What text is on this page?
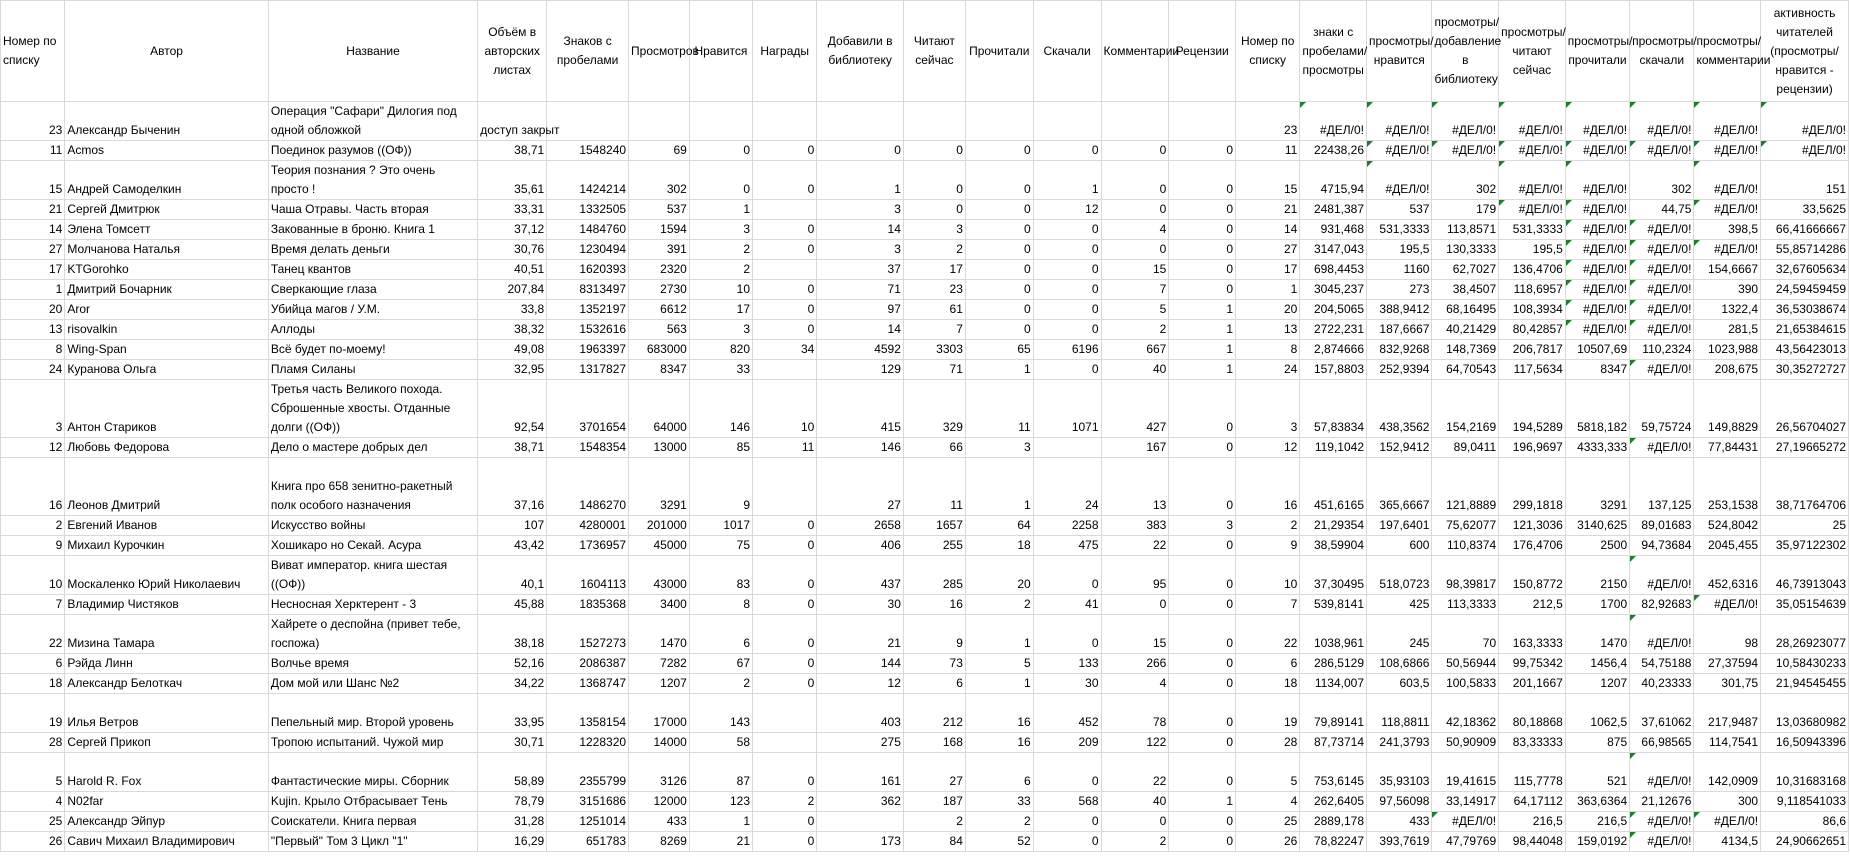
Номер по списку	Автор	Название	Объём в авторских листах	Знаков с пробелами	Просмотров	Нравится	Награды	Добавили в библиотеку	Читают сейчас	Прочитали	Скачали	Комментарии	Рецензии	Номер по списку	знаки с пробелами/просмотры	просмотры/нравится	просмотры/добавление в библиотеку	просмотры/читают сейчас	просмотры/прочитали	просмотры/скачали	просмотры/комментарии	активность читателей (просмотры/нравится - рецензии)
23	Александр Быченин	Операция "Сафари" Дилогия под одной обложкой	доступ закрыт											23	#ДЕЛ/0!	#ДЕЛ/0!	#ДЕЛ/0!	#ДЕЛ/0!	#ДЕЛ/0!	#ДЕЛ/0!	#ДЕЛ/0!	#ДЕЛ/0!
11	Acmos	Поединок разумов ((ОФ))	38,71	1548240	69	0	0	0	0	0	0	0	0	11	22438,26	#ДЕЛ/0!	#ДЕЛ/0!	#ДЕЛ/0!	#ДЕЛ/0!	#ДЕЛ/0!	#ДЕЛ/0!	#ДЕЛ/0!
15	Андрей Самоделкин	Теория познания ? Это очень просто !	35,61	1424214	302	0	0	1	0	0	1	0	0	15	4715,94	#ДЕЛ/0!	302	#ДЕЛ/0!	#ДЕЛ/0!	302	#ДЕЛ/0!	151
21	Сергей Дмитрюк	Чаша Отравы. Часть вторая	33,31	1332505	537	1		3	0	0	12	0	0	21	2481,387	537	179	#ДЕЛ/0!	#ДЕЛ/0!	44,75	#ДЕЛ/0!	33,5625
14	Элена Томсетт	Закованные в броню. Книга 1	37,12	1484760	1594	3	0	14	3	0	0	4	0	14	931,468	531,3333	113,8571	531,3333	#ДЕЛ/0!	#ДЕЛ/0!	398,5	66,41666667
27	Молчанова Наталья	Время делать деньги	30,76	1230494	391	2	0	3	2	0	0	0	0	27	3147,043	195,5	130,3333	195,5	#ДЕЛ/0!	#ДЕЛ/0!	#ДЕЛ/0!	55,85714286
17	KTGorohko	Танец квантов	40,51	1620393	2320	2		37	17	0	0	15	0	17	698,4453	1160	62,7027	136,4706	#ДЕЛ/0!	#ДЕЛ/0!	154,6667	32,67605634
1	Дмитрий Бочарник	Сверкающие глаза	207,84	8313497	2730	10	0	71	23	0	0	7	0	1	3045,237	273	38,4507	118,6957	#ДЕЛ/0!	#ДЕЛ/0!	390	24,59459459
20	Aror	Убийца магов / У.М.	33,8	1352197	6612	17	0	97	61	0	0	5	1	20	204,5065	388,9412	68,16495	108,3934	#ДЕЛ/0!	#ДЕЛ/0!	1322,4	36,53038674
13	risovalkin	Аллоды	38,32	1532616	563	3	0	14	7	0	0	2	1	13	2722,231	187,6667	40,21429	80,42857	#ДЕЛ/0!	#ДЕЛ/0!	281,5	21,65384615
8	Wing-Span	Всё будет по-моему!	49,08	1963397	683000	820	34	4592	3303	65	6196	667	1	8	2,874666	832,9268	148,7369	206,7817	10507,69	110,2324	1023,988	43,56423013
24	Куранова Ольга	Пламя Силаны	32,95	1317827	8347	33		129	71	1	0	40	1	24	157,8803	252,9394	64,70543	117,5634	8347	#ДЕЛ/0!	208,675	30,35272727
3	Антон Стариков	Третья часть Великого похода. Сброшенные хвосты. Отданные долги ((ОФ))	92,54	3701654	64000	146	10	415	329	11	1071	427	0	3	57,83834	438,3562	154,2169	194,5289	5818,182	59,75724	149,8829	26,56704027
12	Любовь Федорова	Дело о мастере добрых дел	38,71	1548354	13000	85	11	146	66	3		167	0	12	119,1042	152,9412	89,0411	196,9697	4333,333	#ДЕЛ/0!	77,84431	27,19665272
16	Леонов Дмитрий	Книга про 658 зенитно-ракетный полк особого назначения	37,16	1486270	3291	9		27	11	1	24	13	0	16	451,6165	365,6667	121,8889	299,1818	3291	137,125	253,1538	38,71764706
2	Евгений Иванов	Искусство войны	107	4280001	201000	1017	0	2658	1657	64	2258	383	3	2	21,29354	197,6401	75,62077	121,3036	3140,625	89,01683	524,8042	25
9	Михаил Курочкин	Хошикаро но Секай. Асура	43,42	1736957	45000	75	0	406	255	18	475	22	0	9	38,59904	600	110,8374	176,4706	2500	94,73684	2045,455	35,97122302
10	Москаленко Юрий Николаевич	Виват император. книга шестая ((ОФ))	40,1	1604113	43000	83	0	437	285	20	0	95	0	10	37,30495	518,0723	98,39817	150,8772	2150	#ДЕЛ/0!	452,6316	46,73913043
7	Владимир Чистяков	Несносная Херктерент - 3	45,88	1835368	3400	8	0	30	16	2	41	0	0	7	539,8141	425	113,3333	212,5	1700	82,92683	#ДЕЛ/0!	35,05154639
22	Мизина Тамара	Хайрете о деспойна (привет тебе, госпожа)	38,18	1527273	1470	6	0	21	9	1	0	15	0	22	1038,961	245	70	163,3333	1470	#ДЕЛ/0!	98	28,26923077
6	Рэйда Линн	Волчье время	52,16	2086387	7282	67	0	144	73	5	133	266	0	6	286,5129	108,6866	50,56944	99,75342	1456,4	54,75188	27,37594	10,58430233
18	Александр Белоткач	Дом мой или Шанс №2	34,22	1368747	1207	2	0	12	6	1	30	4	0	18	1134,007	603,5	100,5833	201,1667	1207	40,23333	301,75	21,94545455
19	Илья Ветров	Пепельный мир. Второй уровень	33,95	1358154	17000	143		403	212	16	452	78	0	19	79,89141	118,8811	42,18362	80,18868	1062,5	37,61062	217,9487	13,03680982
28	Сергей Прикоп	Тропою испытаний. Чужой мир	30,71	1228320	14000	58		275	168	16	209	122	0	28	87,73714	241,3793	50,90909	83,33333	875	66,98565	114,7541	16,50943396
5	Harold R. Fox	Фантастические миры. Сборник	58,89	2355799	3126	87	0	161	27	6	0	22	0	5	753,6145	35,93103	19,41615	115,7778	521	#ДЕЛ/0!	142,0909	10,31683168
4	N02far	Kujin. Крыло Отбрасывает Тень	78,79	3151686	12000	123	2	362	187	33	568	40	1	4	262,6405	97,56098	33,14917	64,17112	363,6364	21,12676	300	9,118541033
25	Александр Эйпур	Соискатели. Книга первая	31,28	1251014	433	1	0		2	2	0	0	0	25	2889,178	433	#ДЕЛ/0!	216,5	216,5	#ДЕЛ/0!	#ДЕЛ/0!	86,6
26	Савич Михаил Владимирович	"Первый" Том 3 Цикл "1"	16,29	651783	8269	21	0	173	84	52	0	2	0	26	78,82247	393,7619	47,79769	98,44048	159,0192	#ДЕЛ/0!	4134,5	24,90662651
